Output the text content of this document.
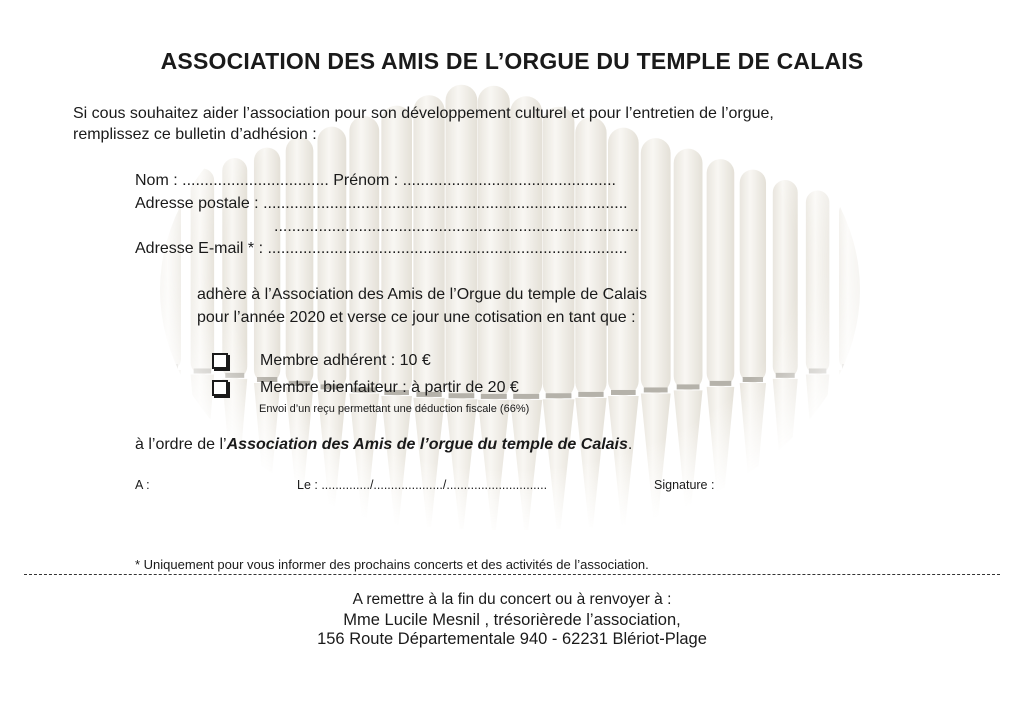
ASSOCIATION DES AMIS DE L’ORGUE DU TEMPLE DE CALAIS
Si cous souhaitez aider l’association pour son développement culturel et pour l’entretien de l’orgue,
remplissez ce bulletin d’adhésion :
Nom : ................................. Prénom : ................................................
Adresse postale : ..................................................................................
..................................................................................
Adresse E-mail * : .................................................................................
adhère à l’Association des Amis de l’Orgue du temple de Calais
pour l’année 2020 et verse ce jour une cotisation en tant que :
Membre adhérent : 10 €
Membre bienfaiteur : à partir de 20 €
Envoi d’un reçu permettant une déduction fiscale (66%)
à l’ordre de l’Association des Amis de l’orgue du temple de Calais.
A :	Le : ............../..................../.............................	Signature :
* Uniquement pour vous informer des prochains concerts et des activités de l’association.
A remettre à la fin du concert ou à renvoyer à :
Mme Lucile Mesnil , trésorièrede l’association,
156 Route Départementale 940 - 62231 Blériot-Plage
